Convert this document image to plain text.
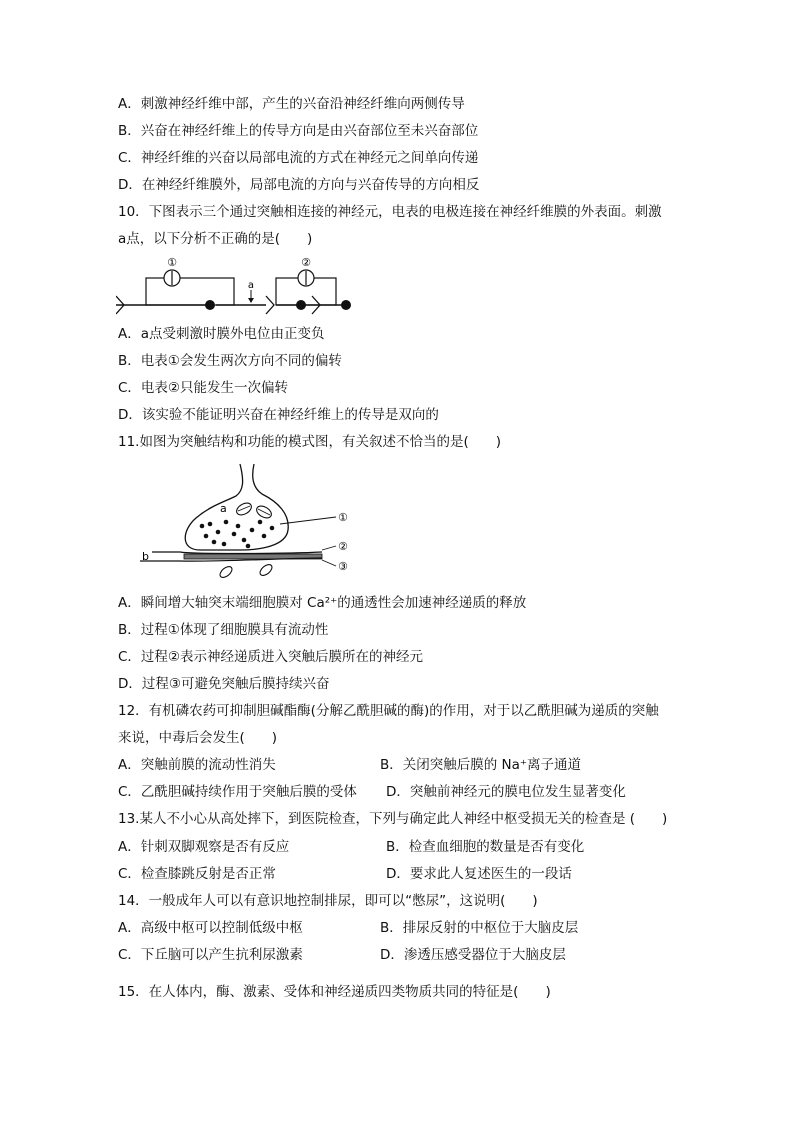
A．刺激神经纤维中部，产生的兴奋沿神经纤维向两侧传导
B．兴奋在神经纤维上的传导方向是由兴奋部位至未兴奋部位
C．神经纤维的兴奋以局部电流的方式在神经元之间单向传递
D．在神经纤维膜外，局部电流的方向与兴奋传导的方向相反
10．下图表示三个通过突触相连接的神经元，电表的电极连接在神经纤维膜的外表面。刺激
a点，以下分析不正确的是(　　)
①	②
a
A．a点受刺激时膜外电位由正变负
B．电表①会发生两次方向不同的偏转
C．电表②只能发生一次偏转
D．该实验不能证明兴奋在神经纤维上的传导是双向的
11.如图为突触结构和功能的模式图，有关叙述不恰当的是(　　)
a
b
①
②
③
A．瞬间增大轴突末端细胞膜对 Ca²⁺的通透性会加速神经递质的释放
B．过程①体现了细胞膜具有流动性
C．过程②表示神经递质进入突触后膜所在的神经元
D．过程③可避免突触后膜持续兴奋
12．有机磷农药可抑制胆碱酯酶(分解乙酰胆碱的酶)的作用，对于以乙酰胆碱为递质的突触
来说，中毒后会发生(　　)
A．突触前膜的流动性消失	B．关闭突触后膜的 Na⁺离子通道
C．乙酰胆碱持续作用于突触后膜的受体 D．突触前神经元的膜电位发生显著变化
13.某人不小心从高处摔下，到医院检查，下列与确定此人神经中枢受损无关的检查是 (　　)
A．针刺双脚观察是否有反应	B．检查血细胞的数量是否有变化
C．检查膝跳反射是否正常	D．要求此人复述医生的一段话
14．一般成年人可以有意识地控制排尿，即可以“憋尿”，这说明(　　)
A．高级中枢可以控制低级中枢	B．排尿反射的中枢位于大脑皮层
C．下丘脑可以产生抗利尿激素	D．渗透压感受器位于大脑皮层
15．在人体内，酶、激素、受体和神经递质四类物质共同的特征是(　　)
